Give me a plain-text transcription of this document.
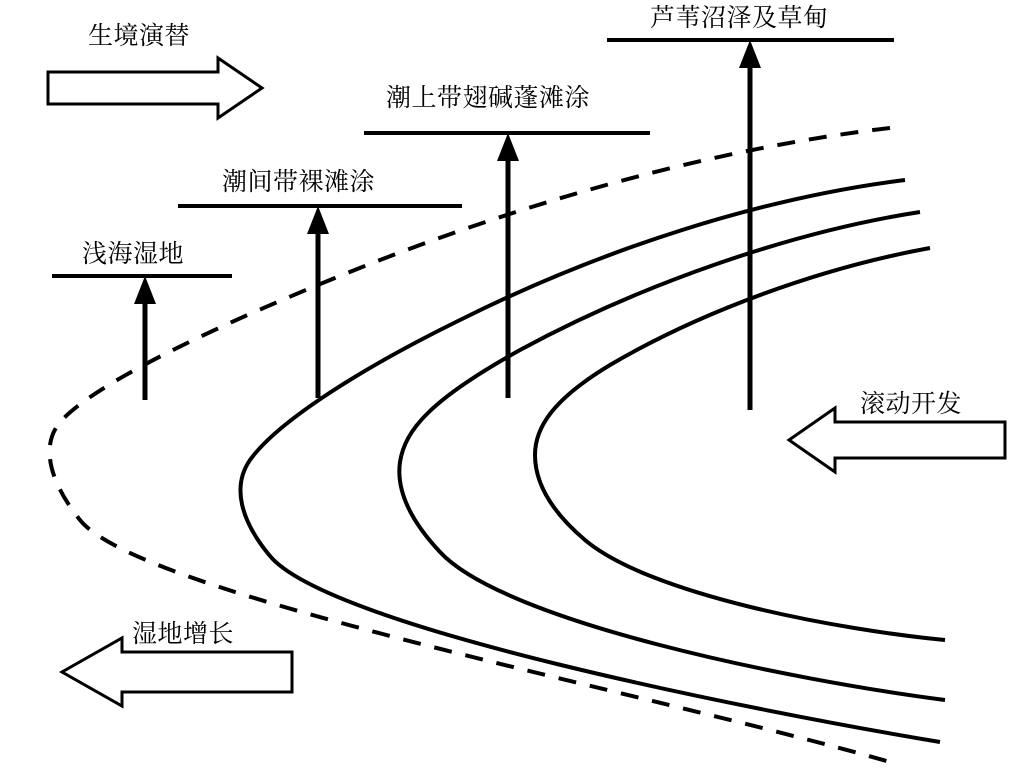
浅海湿地
潮间带裸滩涂
潮上带翅碱蓬滩涂
芦苇沼泽及草甸
生境演替
滚动开发
湿地增长
